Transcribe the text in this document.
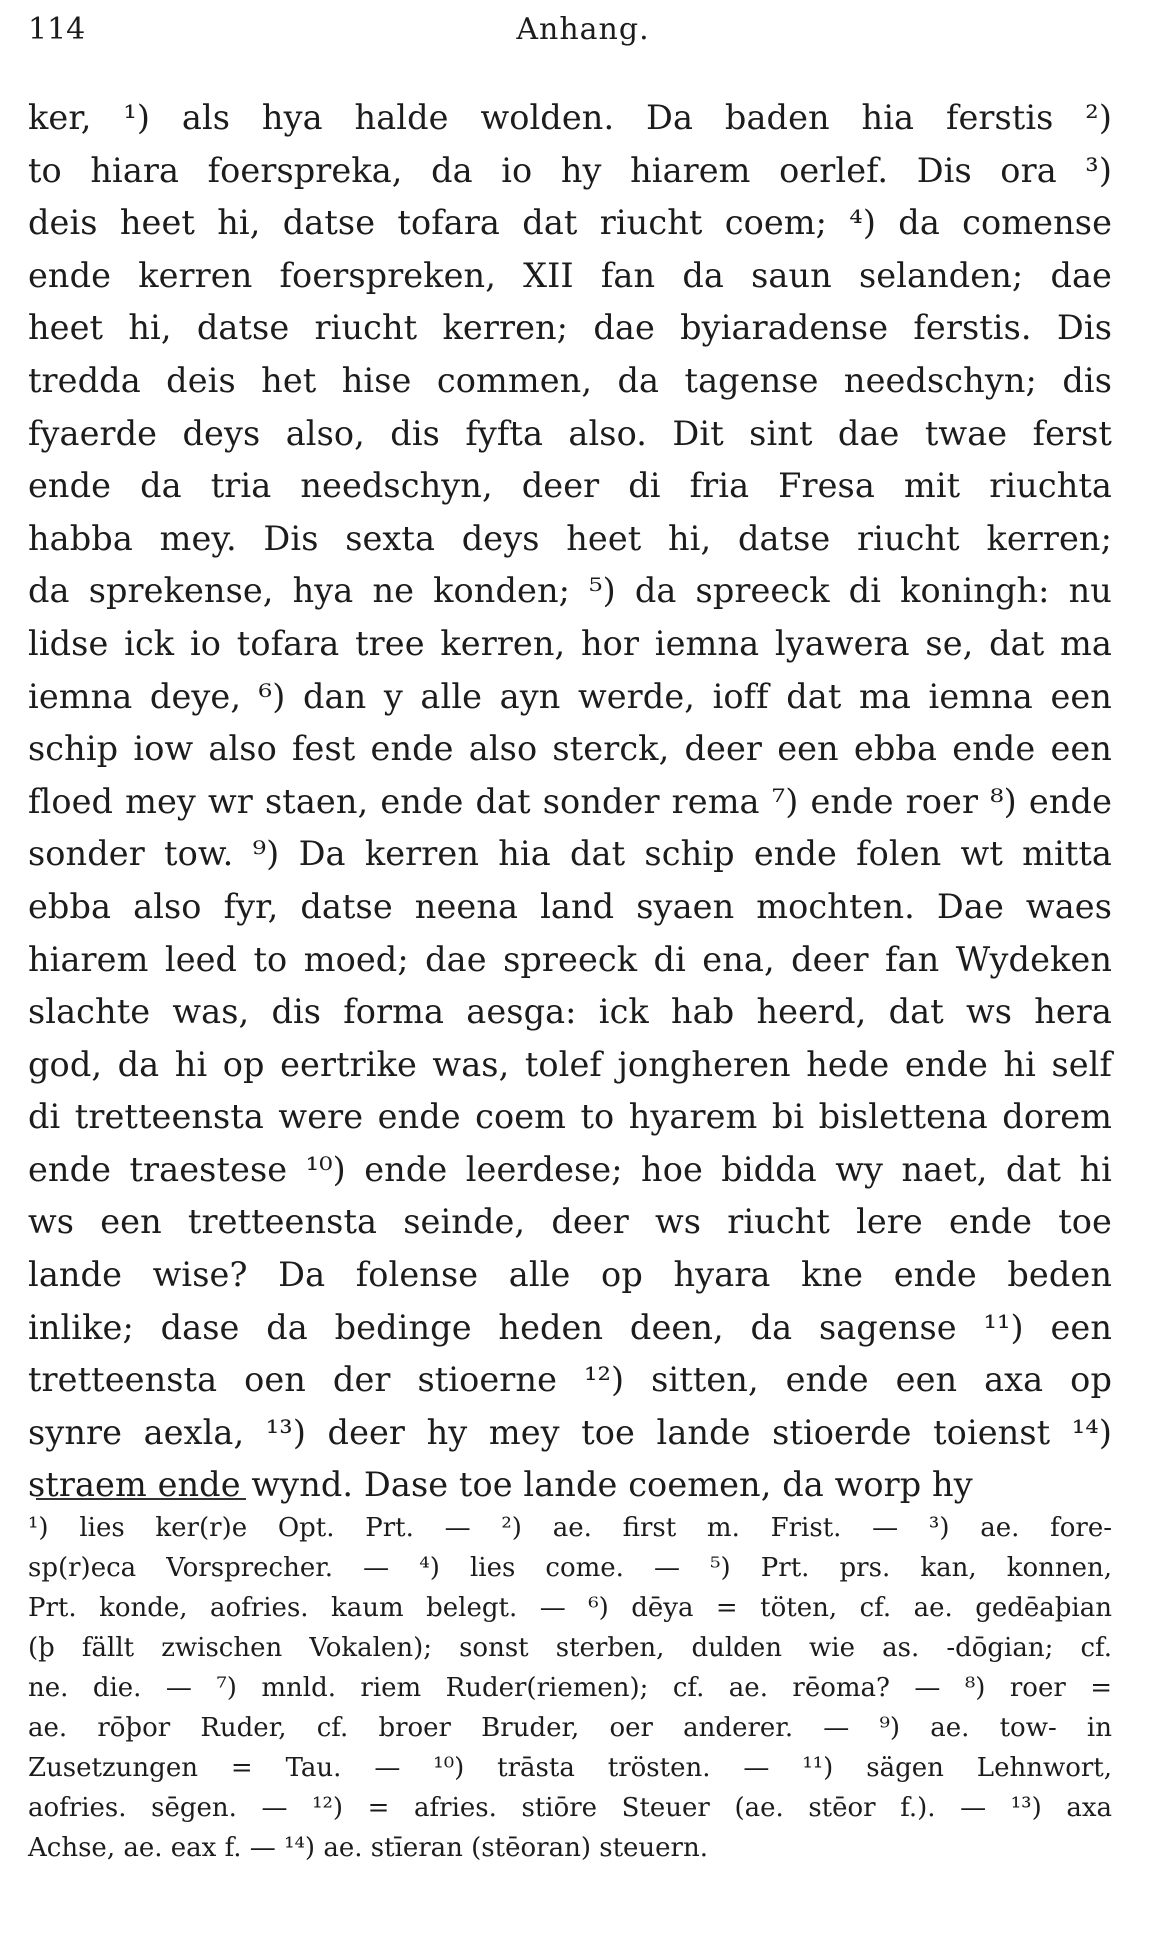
114	Anhang.
ker, ¹) als hya halde wolden. Da baden hia ferstis ²)
to hiara foerspreka, da io hy hiarem oerlef. Dis ora ³)
deis heet hi, datse tofara dat riucht coem; ⁴) da comense
ende kerren foerspreken, XII fan da saun selanden; dae
heet hi, datse riucht kerren; dae byiaradense ferstis. Dis
tredda deis het hise commen, da tagense needschyn; dis
fyaerde deys also, dis fyfta also. Dit sint dae twae ferst
ende da tria needschyn, deer di fria Fresa mit riuchta
habba mey. Dis sexta deys heet hi, datse riucht kerren;
da sprekense, hya ne konden; ⁵) da spreeck di koningh: nu
lidse ick io tofara tree kerren, hor iemna lyawera se, dat ma
iemna deye, ⁶) dan y alle ayn werde, ioff dat ma iemna een
schip iow also fest ende also sterck, deer een ebba ende een
floed mey wr staen, ende dat sonder rema ⁷) ende roer ⁸) ende
sonder tow. ⁹) Da kerren hia dat schip ende folen wt mitta
ebba also fyr, datse neena land syaen mochten. Dae waes
hiarem leed to moed; dae spreeck di ena, deer fan Wydeken
slachte was, dis forma aesga: ick hab heerd, dat ws hera
god, da hi op eertrike was, tolef jongheren hede ende hi self
di tretteensta were ende coem to hyarem bi bislettena dorem
ende traestese ¹⁰) ende leerdese; hoe bidda wy naet, dat hi
ws een tretteensta seinde, deer ws riucht lere ende toe
lande wise? Da folense alle op hyara kne ende beden
inlike; dase da bedinge heden deen, da sagense ¹¹) een
tretteensta oen der stioerne ¹²) sitten, ende een axa op
synre aexla, ¹³) deer hy mey toe lande stioerde toienst ¹⁴)
straem ende wynd. Dase toe lande coemen, da worp hy
¹) lies ker(r)e Opt. Prt. — ²) ae. first m. Frist. — ³) ae. fore-
sp(r)eca Vorsprecher. — ⁴) lies come. — ⁵) Prt. prs. kan, konnen,
Prt. konde, aofries. kaum belegt. — ⁶) dēya = töten, cf. ae. gedēaþian
(þ fällt zwischen Vokalen); sonst sterben, dulden wie as. -dōgian; cf.
ne. die. — ⁷) mnld. riem Ruder(riemen); cf. ae. rēoma? — ⁸) roer =
ae. rōþor Ruder, cf. broer Bruder, oer anderer. — ⁹) ae. tow- in
Zusetzungen = Tau. — ¹⁰) trāsta trösten. — ¹¹) sägen Lehnwort,
aofries. sēgen. — ¹²) = afries. stiōre Steuer (ae. stēor f.). — ¹³) axa
Achse, ae. eax f. — ¹⁴) ae. stīeran (stēoran) steuern.
